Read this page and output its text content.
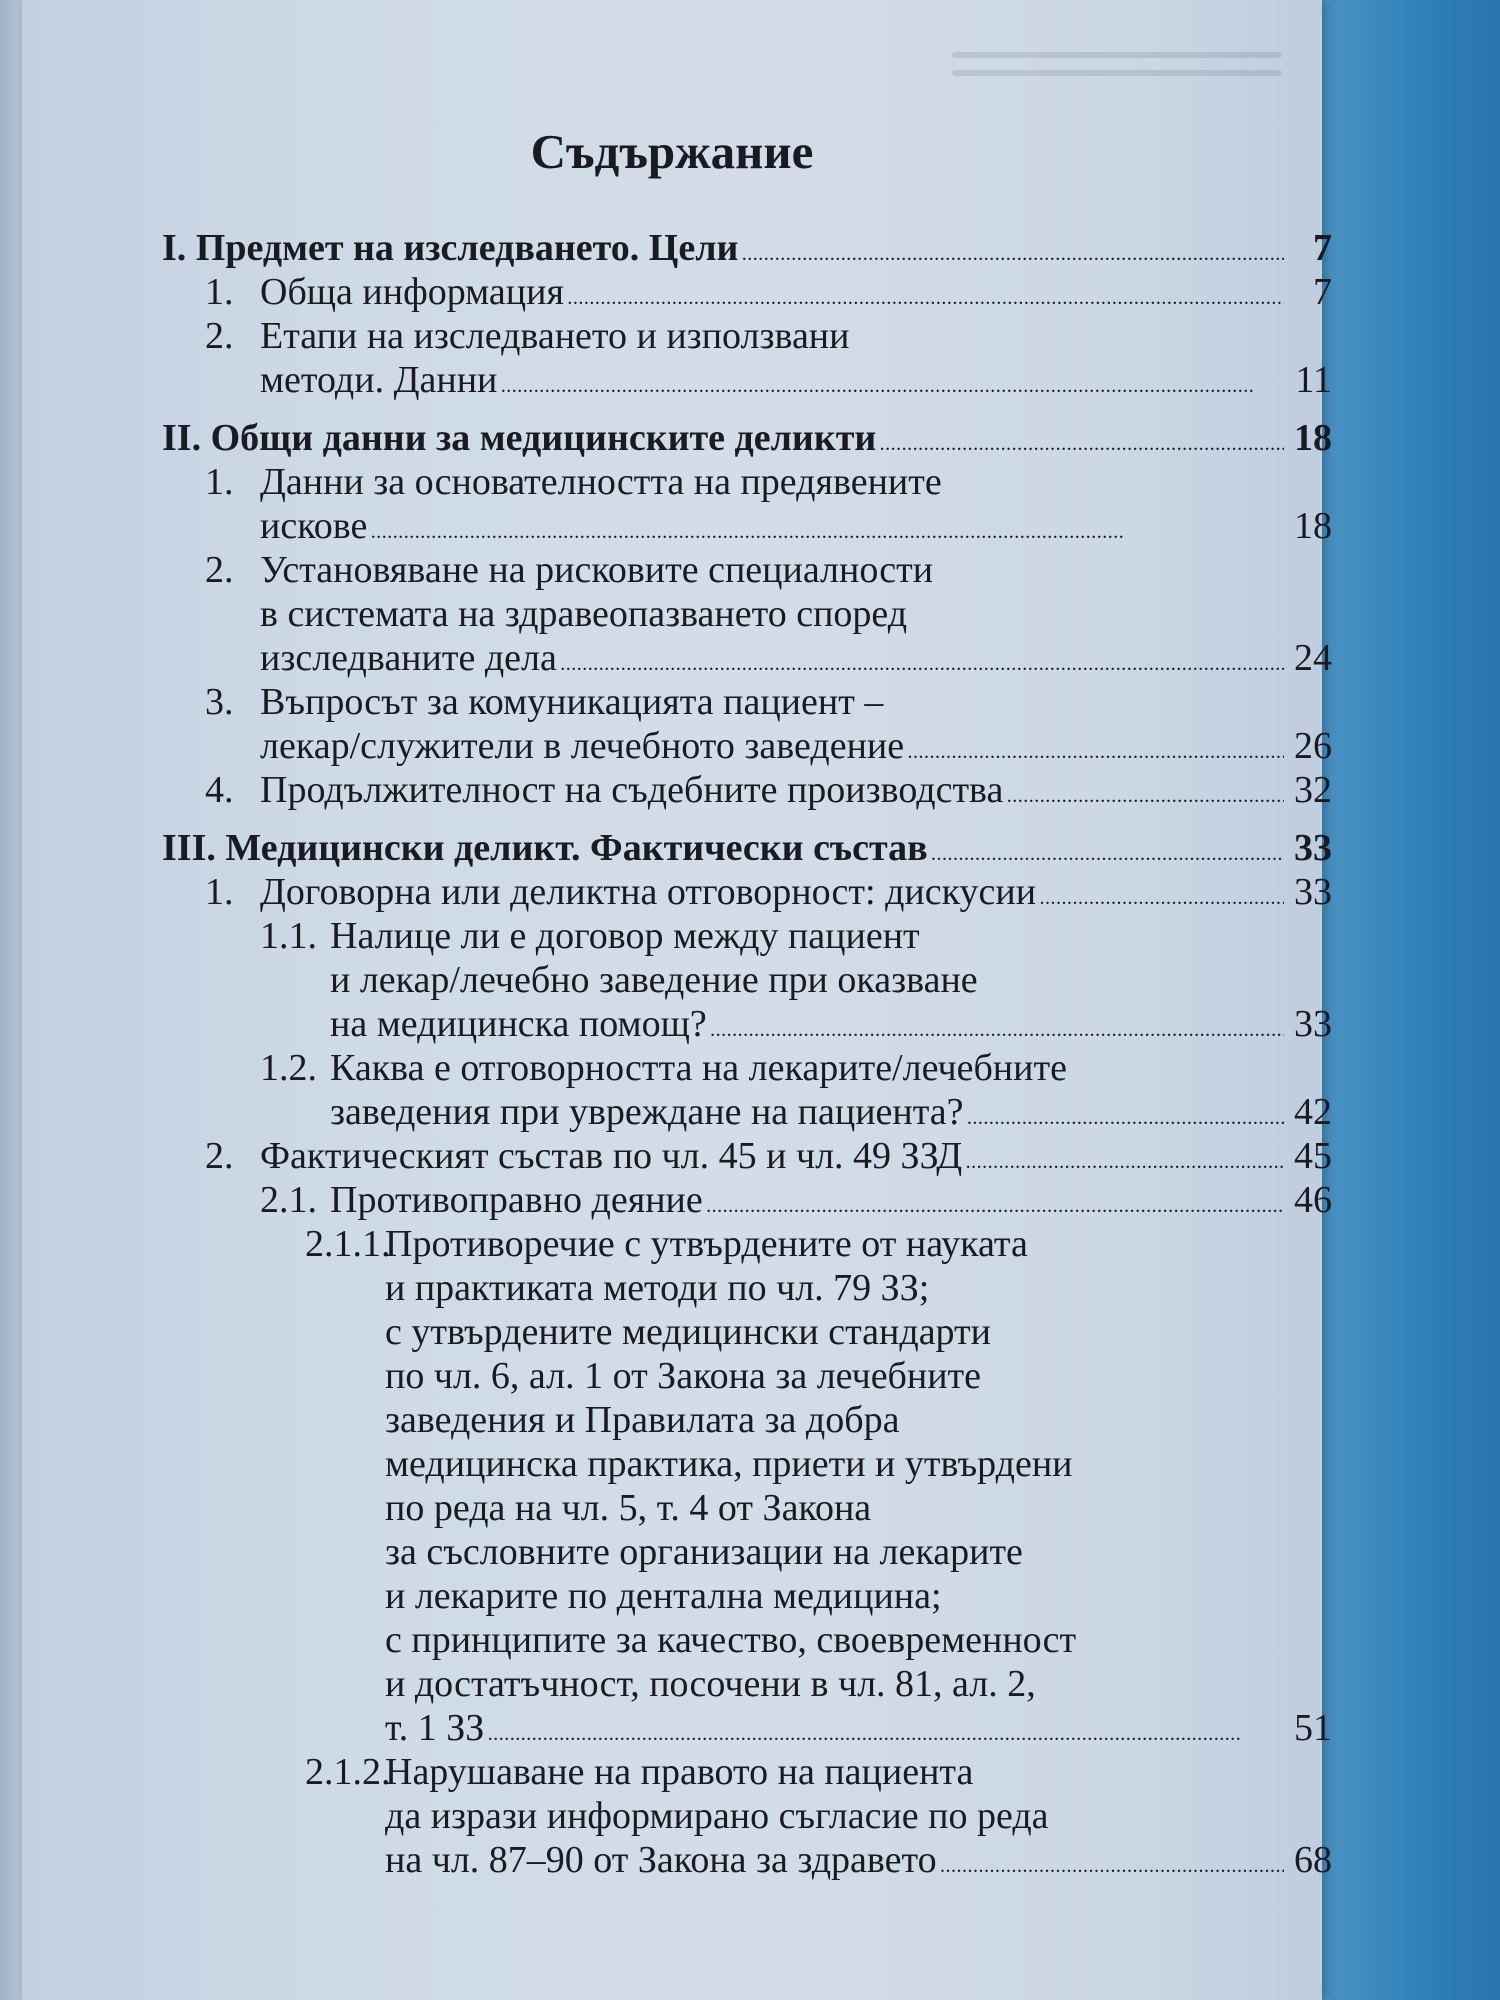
Съдържание
I. Предмет на изследването. Цели . . .	7
1. Обща информация . . .	7
2. Етапи на изследването и използвани
методи. Данни . . .	11
II. Общи данни за медицинските деликти . . .	18
1. Данни за основателността на предявените
искове . . .	18
2. Установяване на рисковите специалности
в системата на здравеопазването според
изследваните дела . . .	24
3. Въпросът за комуникацията пациент –
лекар/служители в лечебното заведение . . .	26
4. Продължителност на съдебните производства . . .	32
III. Медицински деликт. Фактически състав . . .	33
1. Договорна или деликтна отговорност: дискусии . . .	33
1.1. Налице ли е договор между пациент
и лекар/лечебно заведение при оказване
на медицинска помощ? . . .	33
1.2. Каква е отговорността на лекарите/лечебните
заведения при увреждане на пациента? . . .	42
2. Фактическият състав по чл. 45 и чл. 49 ЗЗД . . .	45
2.1. Противоправно деяние . . .	46
2.1.1.
Противоречие с утвърдените от науката
и практиката методи по чл. 79 ЗЗ;
с утвърдените медицински стандарти
по чл. 6, ал. 1 от Закона за лечебните
заведения и Правилата за добра
медицинска практика, приети и утвърдени
по реда на чл. 5, т. 4 от Закона
за съсловните организации на лекарите
и лекарите по дентална медицина;
с принципите за качество, своевременност
и достатъчност, посочени в чл. 81, ал. 2,
т. 1 ЗЗ . . .	51
2.1.2.
Нарушаване на правото на пациента
да изрази информирано съгласие по реда
на чл. 87–90 от Закона за здравето . . .	68
